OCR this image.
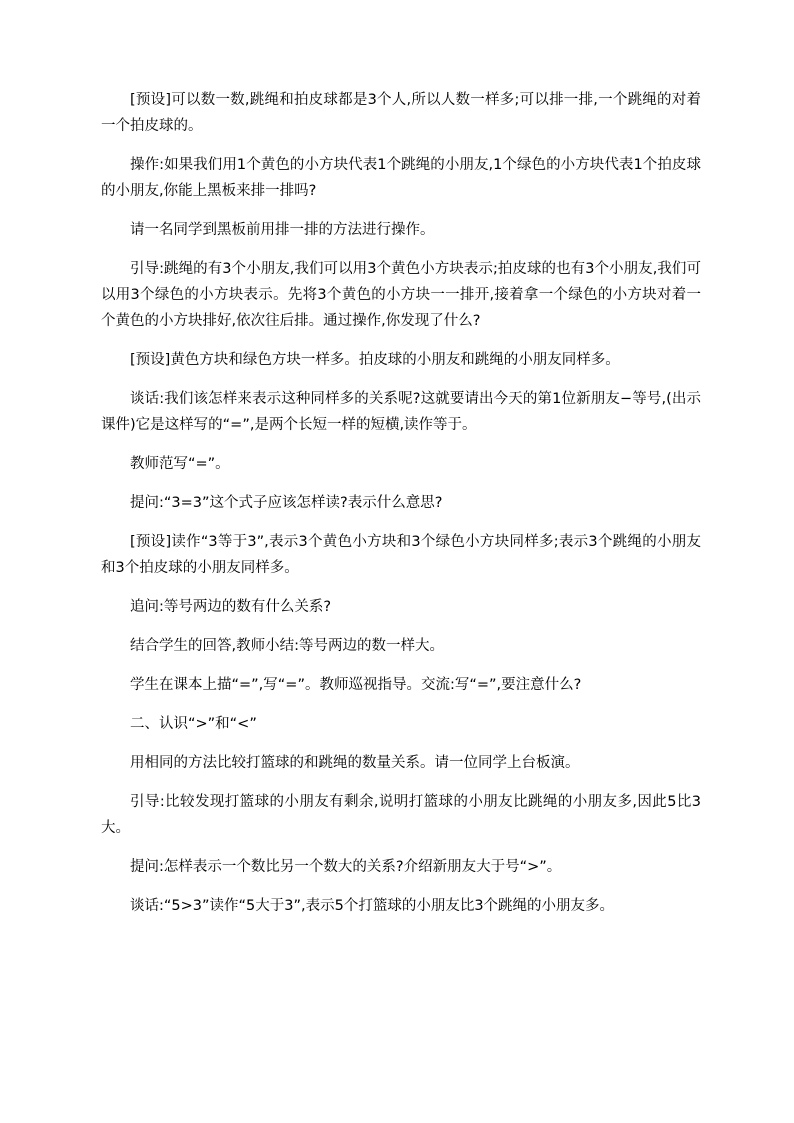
[预设]可以数一数,跳绳和拍皮球都是3个人,所以人数一样多;可以排一排,一个跳绳的对着一个拍皮球的。

操作:如果我们用1个黄色的小方块代表1个跳绳的小朋友,1个绿色的小方块代表1个拍皮球的小朋友,你能上黑板来排一排吗?

请一名同学到黑板前用排一排的方法进行操作。

引导:跳绳的有3个小朋友,我们可以用3个黄色小方块表示;拍皮球的也有3个小朋友,我们可以用3个绿色的小方块表示。先将3个黄色的小方块一一排开,接着拿一个绿色的小方块对着一个黄色的小方块排好,依次往后排。通过操作,你发现了什么?

[预设]黄色方块和绿色方块一样多。拍皮球的小朋友和跳绳的小朋友同样多。

谈话:我们该怎样来表示这种同样多的关系呢?这就要请出今天的第1位新朋友−等号,(出示课件)它是这样写的“=”,是两个长短一样的短横,读作等于。

教师范写“=”。

提问:“3=3”这个式子应该怎样读?表示什么意思?

[预设]读作“3等于3”,表示3个黄色小方块和3个绿色小方块同样多;表示3个跳绳的小朋友和3个拍皮球的小朋友同样多。

追问:等号两边的数有什么关系?

结合学生的回答,教师小结:等号两边的数一样大。

学生在课本上描“=”,写“=”。教师巡视指导。交流:写“=”,要注意什么?

二、认识“>”和“<”

用相同的方法比较打篮球的和跳绳的数量关系。请一位同学上台板演。

引导:比较发现打篮球的小朋友有剩余,说明打篮球的小朋友比跳绳的小朋友多,因此5比3大。

提问:怎样表示一个数比另一个数大的关系?介绍新朋友大于号“>”。

谈话:“5>3”读作“5大于3”,表示5个打篮球的小朋友比3个跳绳的小朋友多。
